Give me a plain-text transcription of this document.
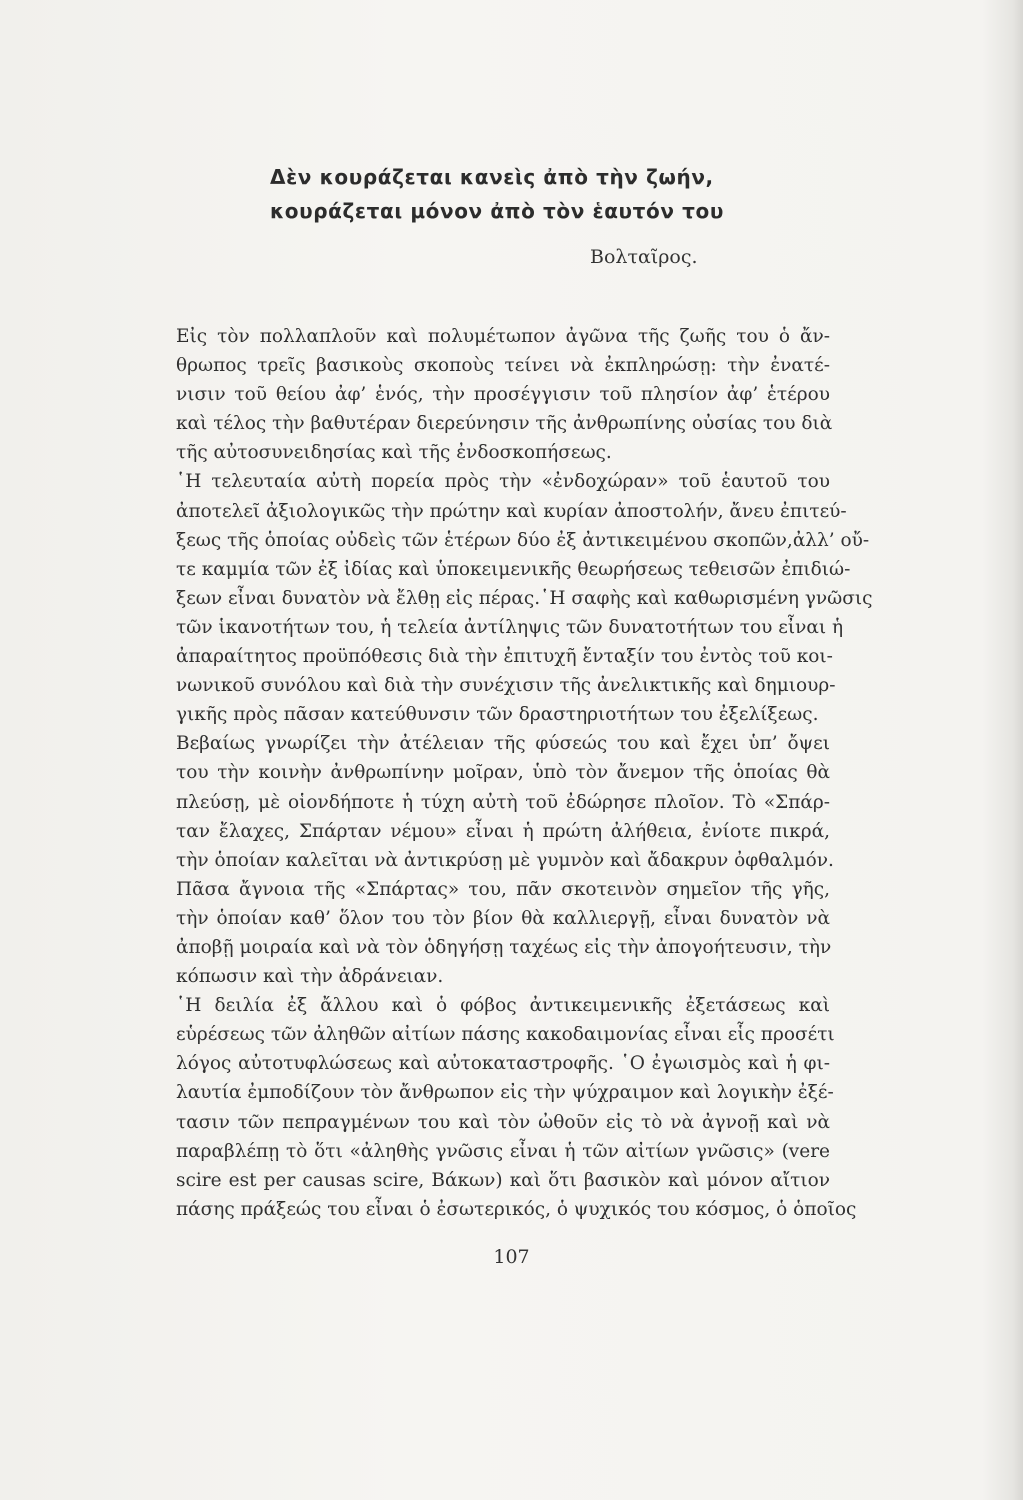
Δὲν κουράζεται κανεὶς ἀπὸ τὴν ζωήν,
κουράζεται μόνον ἀπὸ τὸν ἑαυτόν του
Βολταῖρος.
Εἰς τὸν πολλαπλοῦν καὶ πολυμέτωπον ἀγῶνα τῆς ζωῆς του ὁ ἄν-
θρωπος τρεῖς βασικοὺς σκοποὺς τείνει νὰ ἐκπληρώσῃ: τὴν ἐνατέ-
νισιν τοῦ θείου ἀφ’ ἑνός, τὴν προσέγγισιν τοῦ πλησίον ἀφ’ ἑτέρου
καὶ τέλος τὴν βαθυτέραν διερεύνησιν τῆς ἀνθρωπίνης οὐσίας του διὰ
τῆς αὐτοσυνειδησίας καὶ τῆς ἐνδοσκοπήσεως.
῾Η τελευταία αὐτὴ πορεία πρὸς τὴν «ἐνδοχώραν» τοῦ ἑαυτοῦ του
ἀποτελεῖ ἀξιολογικῶς τὴν πρώτην καὶ κυρίαν ἀποστολήν, ἄνευ ἐπιτεύ-
ξεως τῆς ὁποίας οὐδεὶς τῶν ἑτέρων δύο ἐξ ἀντικειμένου σκοπῶν,ἀλλ’ οὔ-
τε καμμία τῶν ἐξ ἰδίας καὶ ὑποκειμενικῆς θεωρήσεως τεθεισῶν ἐπιδιώ-
ξεων εἶναι δυνατὸν νὰ ἔλθῃ εἰς πέρας.῾Η σαφὴς καὶ καθωρισμένη γνῶσις
τῶν ἱκανοτήτων του, ἡ τελεία ἀντίληψις τῶν δυνατοτήτων του εἶναι ἡ
ἀπαραίτητος προϋπόθεσις διὰ τὴν ἐπιτυχῆ ἔνταξίν του ἐντὸς τοῦ κοι-
νωνικοῦ συνόλου καὶ διὰ τὴν συνέχισιν τῆς ἀνελικτικῆς καὶ δημιουρ-
γικῆς πρὸς πᾶσαν κατεύθυνσιν τῶν δραστηριοτήτων του ἐξελίξεως.
Βεβαίως γνωρίζει τὴν ἀτέλειαν τῆς φύσεώς του καὶ ἔχει ὑπ’ ὄψει
του τὴν κοινὴν ἀνθρωπίνην μοῖραν, ὑπὸ τὸν ἄνεμον τῆς ὁποίας θὰ
πλεύσῃ, μὲ οἱονδήποτε ἡ τύχη αὐτὴ τοῦ ἐδώρησε πλοῖον. Τὸ «Σπάρ-
ταν ἔλαχες, Σπάρταν νέμου» εἶναι ἡ πρώτη ἀλήθεια, ἐνίοτε πικρά,
τὴν ὁποίαν καλεῖται νὰ ἀντικρύσῃ μὲ γυμνὸν καὶ ἄδακρυν ὀφθαλμόν.
Πᾶσα ἄγνοια τῆς «Σπάρτας» του, πᾶν σκοτεινὸν σημεῖον τῆς γῆς,
τὴν ὁποίαν καθ’ ὅλον του τὸν βίον θὰ καλλιεργῇ, εἶναι δυνατὸν νὰ
ἀποβῇ μοιραία καὶ νὰ τὸν ὁδηγήσῃ ταχέως εἰς τὴν ἀπογοήτευσιν, τὴν
κόπωσιν καὶ τὴν ἀδράνειαν.
῾Η δειλία ἐξ ἄλλου καὶ ὁ φόβος ἀντικειμενικῆς ἐξετάσεως καὶ
εὑρέσεως τῶν ἀληθῶν αἰτίων πάσης κακοδαιμονίας εἶναι εἷς προσέτι
λόγος αὐτοτυφλώσεως καὶ αὐτοκαταστροφῆς. ῾Ο ἐγωισμὸς καὶ ἡ φι-
λαυτία ἐμποδίζουν τὸν ἄνθρωπον εἰς τὴν ψύχραιμον καὶ λογικὴν ἐξέ-
τασιν τῶν πεπραγμένων του καὶ τὸν ὠθοῦν εἰς τὸ νὰ ἀγνοῇ καὶ νὰ
παραβλέπῃ τὸ ὅτι «ἀληθὴς γνῶσις εἶναι ἡ τῶν αἰτίων γνῶσις» (vere
scire est per causas scire, Βάκων) καὶ ὅτι βασικὸν καὶ μόνον αἴτιον
πάσης πράξεώς του εἶναι ὁ ἐσωτερικός, ὁ ψυχικός του κόσμος, ὁ ὁποῖος
107
